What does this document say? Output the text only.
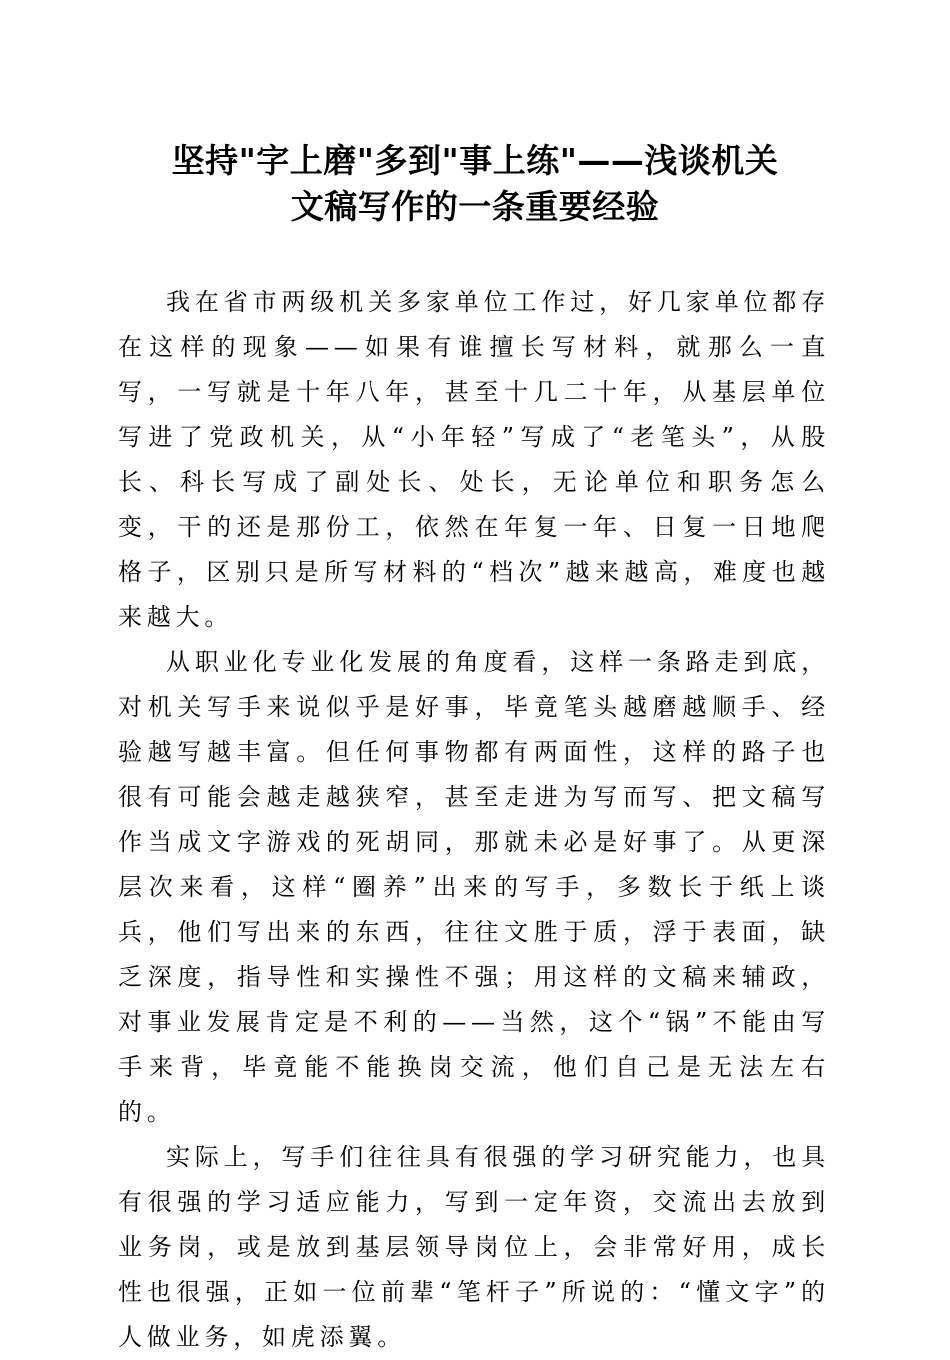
坚持"字上磨"多到"事上练"——浅谈机关
文稿写作的一条重要经验

我在省市两级机关多家单位工作过，好几家单位都存在这样的现象——如果有谁擅长写材料，就那么一直写，一写就是十年八年，甚至十几二十年，从基层单位写进了党政机关，从“小年轻”写成了“老笔头”，从股长、科长写成了副处长、处长，无论单位和职务怎么变，干的还是那份工，依然在年复一年、日复一日地爬格子，区别只是所写材料的“档次”越来越高，难度也越来越大。

从职业化专业化发展的角度看，这样一条路走到底，对机关写手来说似乎是好事，毕竟笔头越磨越顺手、经验越写越丰富。但任何事物都有两面性，这样的路子也很有可能会越走越狭窄，甚至走进为写而写、把文稿写作当成文字游戏的死胡同，那就未必是好事了。从更深层次来看，这样“圈养”出来的写手，多数长于纸上谈兵，他们写出来的东西，往往文胜于质，浮于表面，缺乏深度，指导性和实操性不强；用这样的文稿来辅政，对事业发展肯定是不利的——当然，这个“锅”不能由写手来背，毕竟能不能换岗交流，他们自己是无法左右的。

实际上，写手们往往具有很强的学习研究能力，也具有很强的学习适应能力，写到一定年资，交流出去放到业务岗，或是放到基层领导岗位上，会非常好用，成长性也很强，正如一位前辈“笔杆子”所说的：“懂文字”的人做业务，如虎添翼。
